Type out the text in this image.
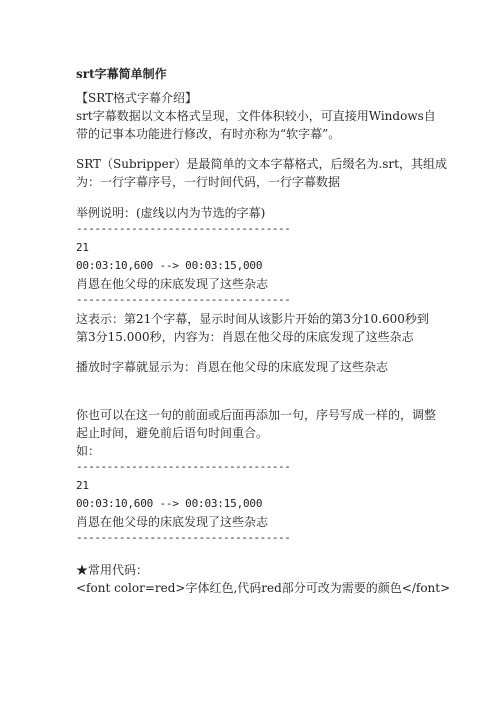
srt字幕简单制作
【SRT格式字幕介绍】
srt字幕数据以文本格式呈现，文件体积较小，可直接用Windows自
带的记事本功能进行修改，有时亦称为“软字幕”。
SRT（Subripper）是最简单的文本字幕格式，后缀名为.srt，其组成
为：一行字幕序号，一行时间代码，一行字幕数据
举例说明：(虚线以内为节选的字幕)
-----------------------------------
21
00:03:10,600 --> 00:03:15,000
肖恩在他父母的床底发现了这些杂志
-----------------------------------
这表示：第21个字幕，显示时间从该影片开始的第3分10.600秒到
第3分15.000秒，内容为：肖恩在他父母的床底发现了这些杂志
播放时字幕就显示为：肖恩在他父母的床底发现了这些杂志
你也可以在这一句的前面或后面再添加一句，序号写成一样的，调整
起止时间，避免前后语句时间重合。
如：
-----------------------------------
21
00:03:10,600 --> 00:03:15,000
肖恩在他父母的床底发现了这些杂志
-----------------------------------
★常用代码：
<font color=red>字体红色,代码red部分可改为需要的颜色</font>
